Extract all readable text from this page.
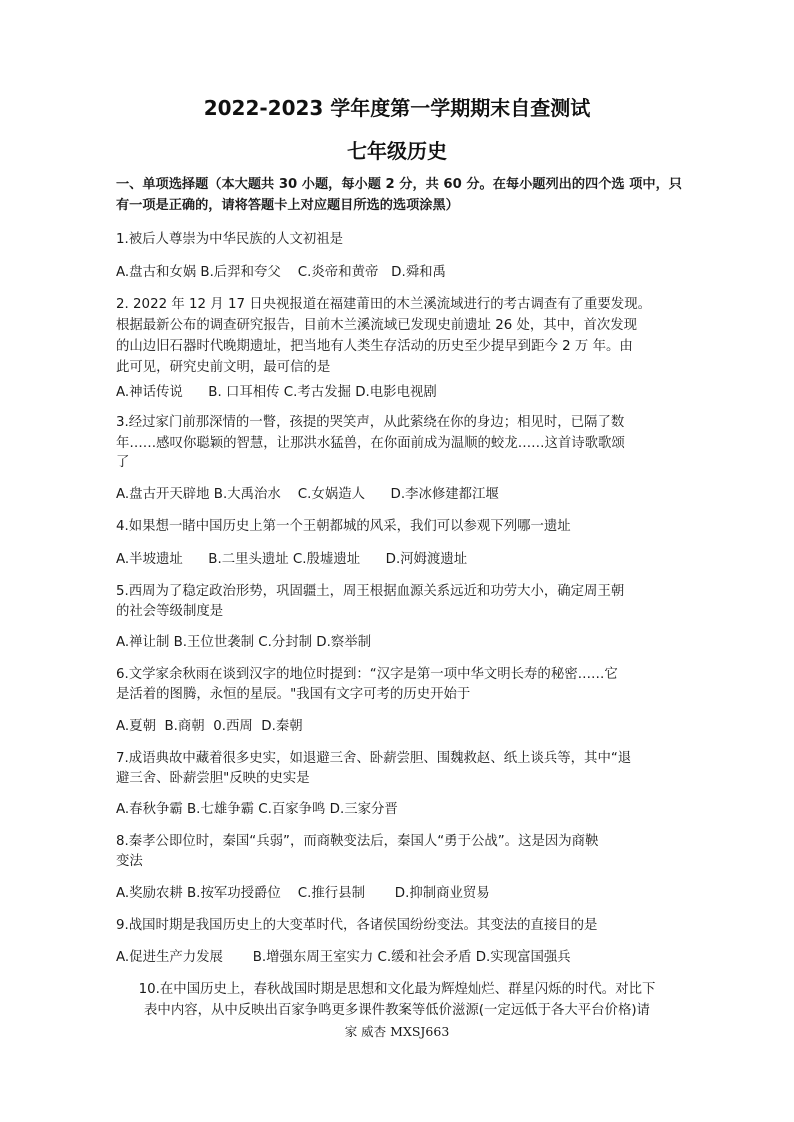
2022-2023 学年度第一学期期末自查测试
七年级历史
一、单项选择题（本大题共 30 小题，每小题 2 分，共 60 分。在每小题列出的四个选 项中，只有一项是正确的，请将答题卡上对应题目所选的选项涂黑）
1.被后人尊崇为中华民族的人文初祖是
A.盘古和女娲 B.后羿和夸父    C.炎帝和黄帝   D.舜和禹
2. 2022 年 12 月 17 日央视报道在福建莆田的木兰溪流域进行的考古调查有了重要发现。
根据最新公布的调查研究报告，目前木兰溪流域已发现史前遗址 26 处，其中，首次发现
的山边旧石器时代晚期遗址，把当地有人类生存活动的历史至少提早到距今 2 万 年。由
此可见，研究史前文明，最可信的是
A.神话传说      B. 口耳相传 C.考古发掘 D.电影电视剧
3.经过家门前那深情的一瞥，孩提的哭笑声，从此萦绕在你的身边；相见时，已隔了数
年……感叹你聪颖的智慧，让那洪水猛兽，在你面前成为温顺的蛟龙……这首诗歌歌颂
了
A.盘古开天辟地 B.大禹治水    C.女娲造人      D.李冰修建都江堰
4.如果想一睹中国历史上第一个王朝都城的风采，我们可以参观下列哪一遗址
A.半坡遗址      B.二里头遗址 C.殷墟遗址      D.河姆渡遗址
5.西周为了稳定政治形势，巩固疆土，周王根据血源关系远近和功劳大小，确定周王朝
的社会等级制度是
A.禅让制 B.王位世袭制 C.分封制 D.察举制
6.文学家余秋雨在谈到汉字的地位时提到：“汉字是第一项中华文明长寿的秘密……它
是活着的图腾，永恒的星辰。"我国有文字可考的历史开始于
A.夏朝  B.商朝  0.西周  D.秦朝
7.成语典故中藏着很多史实，如退避三舍、卧薪尝胆、围魏救赵、纸上谈兵等，其中“退
避三舍、卧薪尝胆"反映的史实是
A.春秋争霸 B.七雄争霸 C.百家争鸣 D.三家分晋
8.秦孝公即位时，秦国“兵弱”，而商鞅变法后，秦国人“勇于公战”。这是因为商鞅
变法
A.奖励农耕 B.按军功授爵位    C.推行县制       D.抑制商业贸易
9.战国时期是我国历史上的大变革时代，各诸侯国纷纷变法。其变法的直接目的是
A.促进生产力发展       B.增强东周王室实力 C.缓和社会矛盾 D.实现富国强兵
10.在中国历史上，春秋战国时期是思想和文化最为辉煌灿烂、群星闪烁的时代。对比下
表中内容，从中反映出百家争鸣更多课件教案等低价滋源(一定远低于各大平台价格)请
家 威杏 MXSJ663
